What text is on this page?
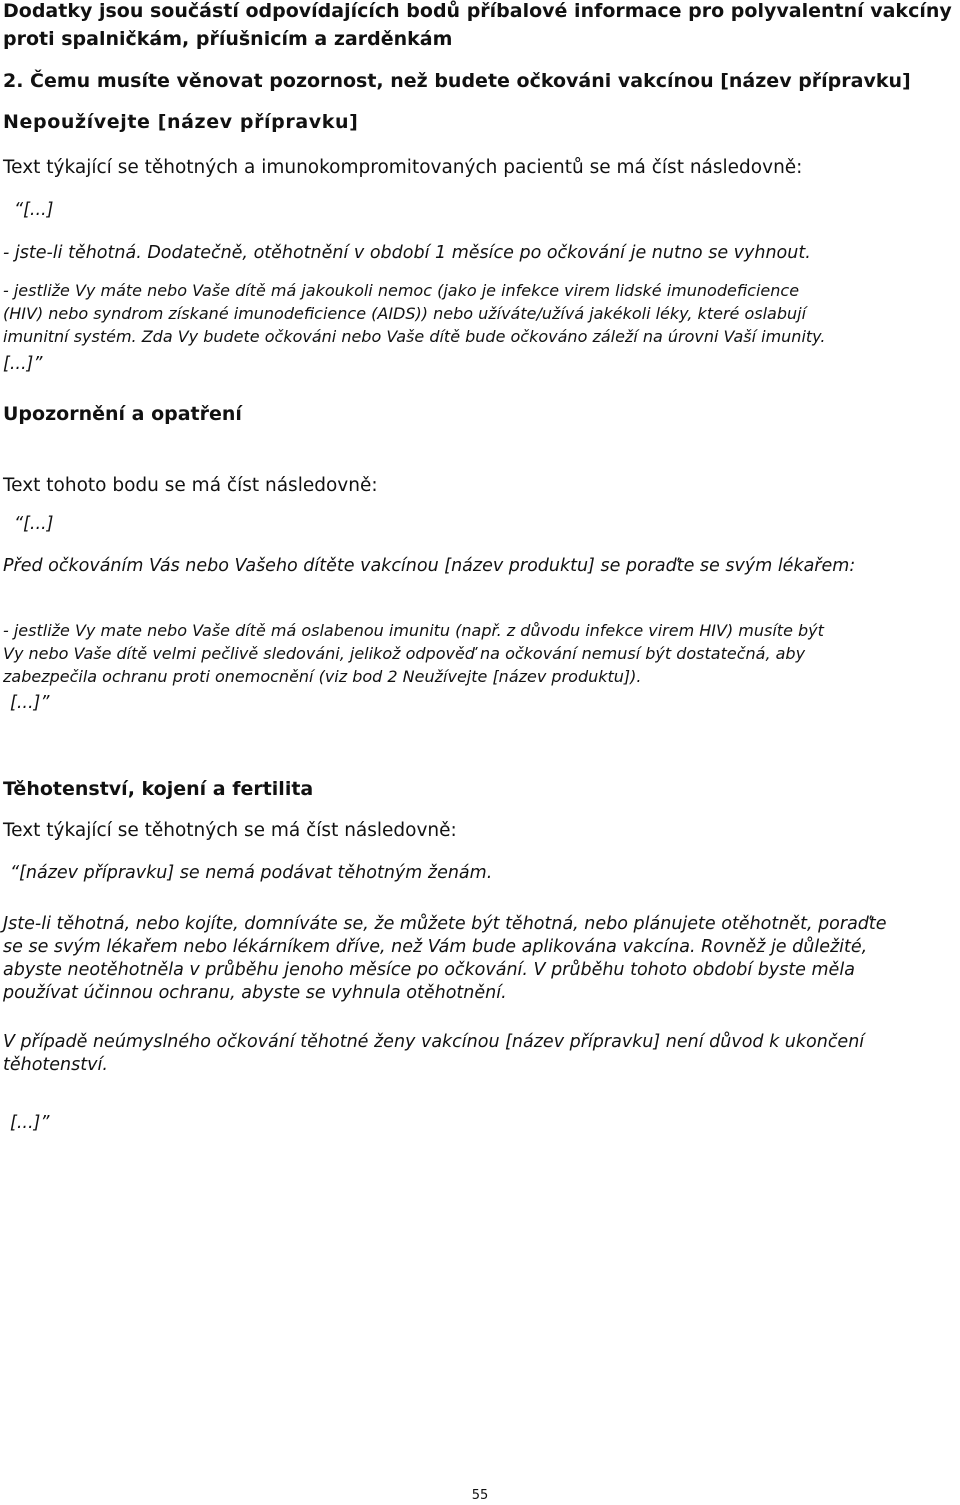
Dodatky jsou součástí odpovídajících bodů příbalové informace pro polyvalentní vakcíny
proti spalničkám, příušnicím a zarděnkám
2. Čemu musíte věnovat pozornost, než budete očkováni vakcínou [název přípravku]
Nepoužívejte [název přípravku]
Text týkající se těhotných a imunokompromitovaných pacientů se má číst následovně:
“[...]
- jste-li těhotná. Dodatečně, otěhotnění v období 1 měsíce po očkování je nutno se vyhnout.
- jestliže Vy máte nebo Vaše dítě má jakoukoli nemoc (jako je infekce virem lidské imunodeficience
(HIV) nebo syndrom získané imunodeficience (AIDS)) nebo užíváte/užívá jakékoli léky, které oslabují
imunitní systém. Zda Vy budete očkováni nebo Vaše dítě bude očkováno záleží na úrovni Vaší imunity.
[...]”
Upozornění a opatření
Text tohoto bodu se má číst následovně:
“[...]
Před očkováním Vás nebo Vašeho dítěte vakcínou [název produktu] se poraďte se svým lékařem:
- jestliže Vy mate nebo Vaše dítě má oslabenou imunitu (např. z důvodu infekce virem HIV) musíte být
Vy nebo Vaše dítě velmi pečlivě sledováni, jelikož odpověď na očkování nemusí být dostatečná, aby
zabezpečila ochranu proti onemocnění (viz bod 2 Neužívejte [název produktu]).
[...]”
Těhotenství, kojení a fertilita
Text týkající se těhotných se má číst následovně:
“[název přípravku] se nemá podávat těhotným ženám.
Jste-li těhotná, nebo kojíte, domníváte se, že můžete být těhotná, nebo plánujete otěhotnět, poraďte
se se svým lékařem nebo lékárníkem dříve, než Vám bude aplikována vakcína. Rovněž je důležité,
abyste neotěhotněla v průběhu jenoho měsíce po očkování. V průběhu tohoto období byste měla
používat účinnou ochranu, abyste se vyhnula otěhotnění.
V případě neúmyslného očkování těhotné ženy vakcínou [název přípravku] není důvod k ukončení
těhotenství.
[...]”
55
